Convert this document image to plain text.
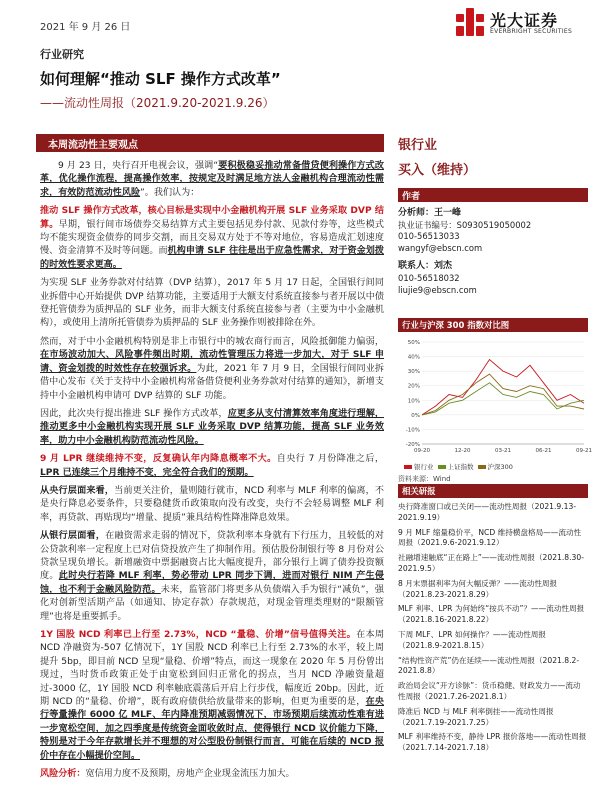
2021 年 9 月 26 日	光大证券
EVERBRIGHT SECURITIES
行业研究
如何理解“推动 SLF 操作方式改革”
——流动性周报（2021.9.20-2021.9.26）
本周流动性主要观点

9 月 23 日，央行召开电视会议，强调“要积极稳妥推动常备借贷便利操作方式改革，优化操作流程，提高操作效率，按规定及时满足地方法人金融机构合理流动性需求，有效防范流动性风险”。我们认为：

推动 SLF 操作方式改革，核心目标是实现中小金融机构开展 SLF 业务采取 DVP 结算。早期，银行间市场债券交易结算方式主要包括见券付款、见款付券等，这些模式均不能实现资金债券的同步交割，而且交易双方处于不等对地位，容易造成汇划速度慢、资金清算不及时等问题。而机构申请 SLF 往往是出于应急性需求，对于资金划拨的时效性要求更高。

为实现 SLF 业务券款对付结算（DVP 结算），2017 年 5 月 17 日起，全国银行间同业拆借中心开始提供 DVP 结算功能，主要适用于大额支付系统直接参与者开展以中债登托管债券为质押品的 SLF 业务，而非大额支付系统直接参与者（主要为中小金融机构），或使用上清所托管债券为质押品的 SLF 业务操作则被排除在外。

然而，对于中小金融机构特别是非上市银行中的城农商行而言，风险抵御能力偏弱，在市场波动加大、风险事件频出时期，流动性管理压力将进一步加大，对于 SLF 申请、资金划拨的时效性存在较强诉求。为此，2021 年 7 月 9 日，全国银行间同业拆借中心发布《关于支持中小金融机构常备借贷便利业务券款对付结算的通知》，新增支持中小金融机构申请可 DVP 结算的 SLF 功能。

因此，此次央行提出推进 SLF 操作方式改革，应更多从支付清算效率角度进行理解，推动更多中小金融机构实现开展 SLF 业务采取 DVP 结算功能，提高 SLF 业务效率，助力中小金融机构防范流动性风险。

9 月 LPR 继续维持不变，反复确认年内降息概率不大。自央行 7 月份降准之后，LPR 已连续三个月维持不变，完全符合我们的预期。

从央行层面来看，当前更关注价，量则随行就市，NCD 利率与 MLF 利率的偏离，不是央行降息必要条件，只要稳健货币政策取向没有改变，央行不会轻易调整 MLF 利率，再贷款、再贴现均“增量、提质”兼具结构性降准降息效果。

从银行层面看，在融资需求走弱的情况下，贷款利率本身就有下行压力，且较低的对公贷款利率一定程度上已对信贷投放产生了抑制作用。预估股份制银行等 8 月份对公贷款呈现负增长。新增融资中票据融资占比大幅度提升，部分银行上调了债券投资额度。此时央行若降 MLF 利率，势必带动 LPR 同步下调，进而对银行 NIM 产生侵蚀，也不利于金融风险防范。未来，监管部门将更多从负债端入手为银行“减负”，强化对创新型活期产品（如通知、协定存款）存款规范，对现金管理类理财的“限额管理”也将是重要抓手。

1Y 国股 NCD 利率已上行至 2.73%，NCD “量稳、价增”信号值得关注。在本周 NCD 净融资为-507 亿情况下，1Y 国股 NCD 利率已上行至 2.73%的水平，较上周提升 5bp，即目前 NCD 呈现“量稳、价增”特点，而这一现象在 2020 年 5 月份曾出现过，当时货币政策正处于由宽松到回归正常化的拐点，当月 NCD 净融资量超过-3000 亿，1Y 国股 NCD 利率触底震荡后开启上行步伐，幅度近 20bp。因此，近期 NCD 的“量稳、价增”，既有政府债供给放量带来的影响，但更为重要的是，在央行等量操作 6000 亿 MLF、年内降准预期减弱情况下，市场预期后续流动性难有进一步宽松空间，加之四季度是传统资金面收敛时点，使得银行 NCD 议价能力下降，特别是对于今年存款增长并不理想的对公型股份制银行而言，可能在后续的 NCD 报价中存在小幅提价空间。

风险分析：宽信用力度不及预期，房地产企业现金流压力加大。

银行业
买入（维持）
作者
分析师：王一峰
执业证书编号：S0930519050002
010-56513033
wangyf@ebscn.com
联系人：刘杰
010-56518032
liujie9@ebscn.com
行业与沪深 300 指数对比图
-20%
-10%
0%
10%
20%
30%
40%
50%
09-20	12-20	03-21	06-21	09-21
银行业 上证指数 沪深300
资料来源：Wind
相关研报
央行降准窗口或已关闭——流动性周报（2021.9.13-2021.9.19）
9 月 MLF 缩量稳价平，NCD 维持横盘格局——流动性周报（2021.9.6-2021.9.12）
社融增速触底“正在路上”——流动性周报（2021.8.30-2021.9.5）
8 月末票据利率为何大幅反弹？——流动性周报（2021.8.23-2021.8.29）
MLF 利率、LPR 为何始终“按兵不动”？——流动性周报（2021.8.16-2021.8.22）
下周 MLF、LPR 如何操作？——流动性周报（2021.8.9-2021.8.15）
“结构性资产荒”仍在延续——流动性周报（2021.8.2-2021.8.8）
政治局会议“开方诊脉”：货币稳健、财政发力——流动性周报（2021.7.26-2021.8.1）
降准后 NCD 与 MLF 利率倒挂——流动性周报（2021.7.19-2021.7.25）
MLF 利率维持不变，静待 LPR 报价落地——流动性周报（2021.7.14-2021.7.18）
